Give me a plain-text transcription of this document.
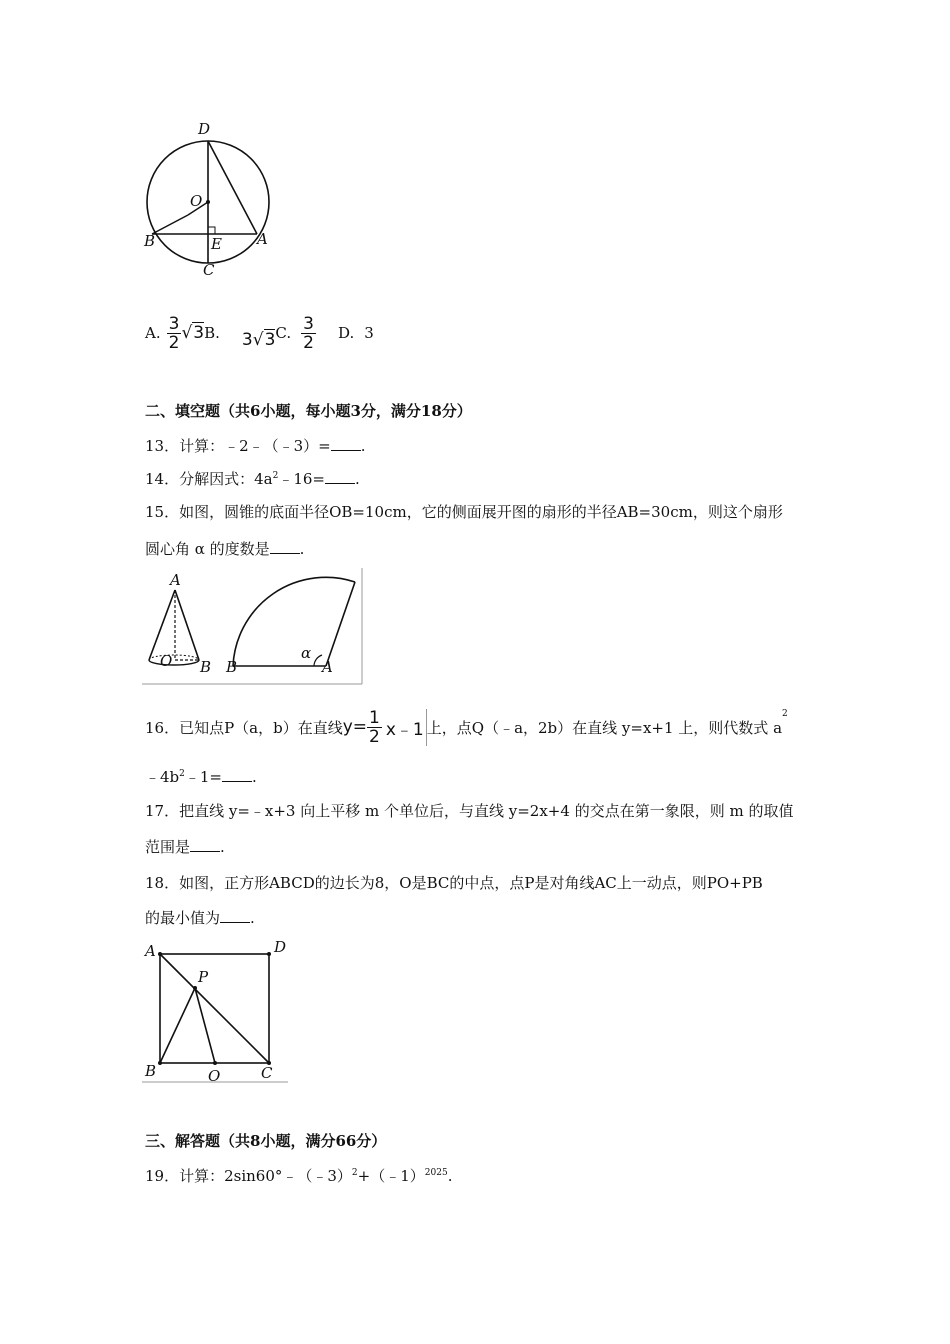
D
O
B	E A
C
A. $\frac{3}{2} √3$ B. 3√3 C. $\frac{3}{2} D$. 3
二、填空题（共6小题，每小题3分，满分18分）
13．计算：﹣2﹣（﹣3）= .
14．分解因式：$4a^2﹣16=$ .
15．如图，圆锥的底面半径OB=10cm，它的侧面展开图的扇形的半径AB=30cm，则这个扇形
圆心角 α 的度数是 .
A
O B B
α
A
16．已知点P（a，b）在直线 $y= \frac{1}{2}$ x﹣1 上，点Q（﹣a，2b）在直线 y=x+1 上，则代数式 a
2
$﹣4b^2﹣1=$ .
17．把直线 y=﹣x+3 向上平移 m 个单位后，与直线 y=2x+4 的交点在第一象限，则 m 的取值
范围是 .
18．如图，正方形ABCD的边长为8，O是BC的中点，点P是对角线AC上一动点，则PO+PB
的最小值为 .
A	D
P
B	O	C
三、解答题（共8小题，满分66分）
19．计算：2sin60°﹣（﹣3）$^2$+（﹣1）$^{2025}$.
